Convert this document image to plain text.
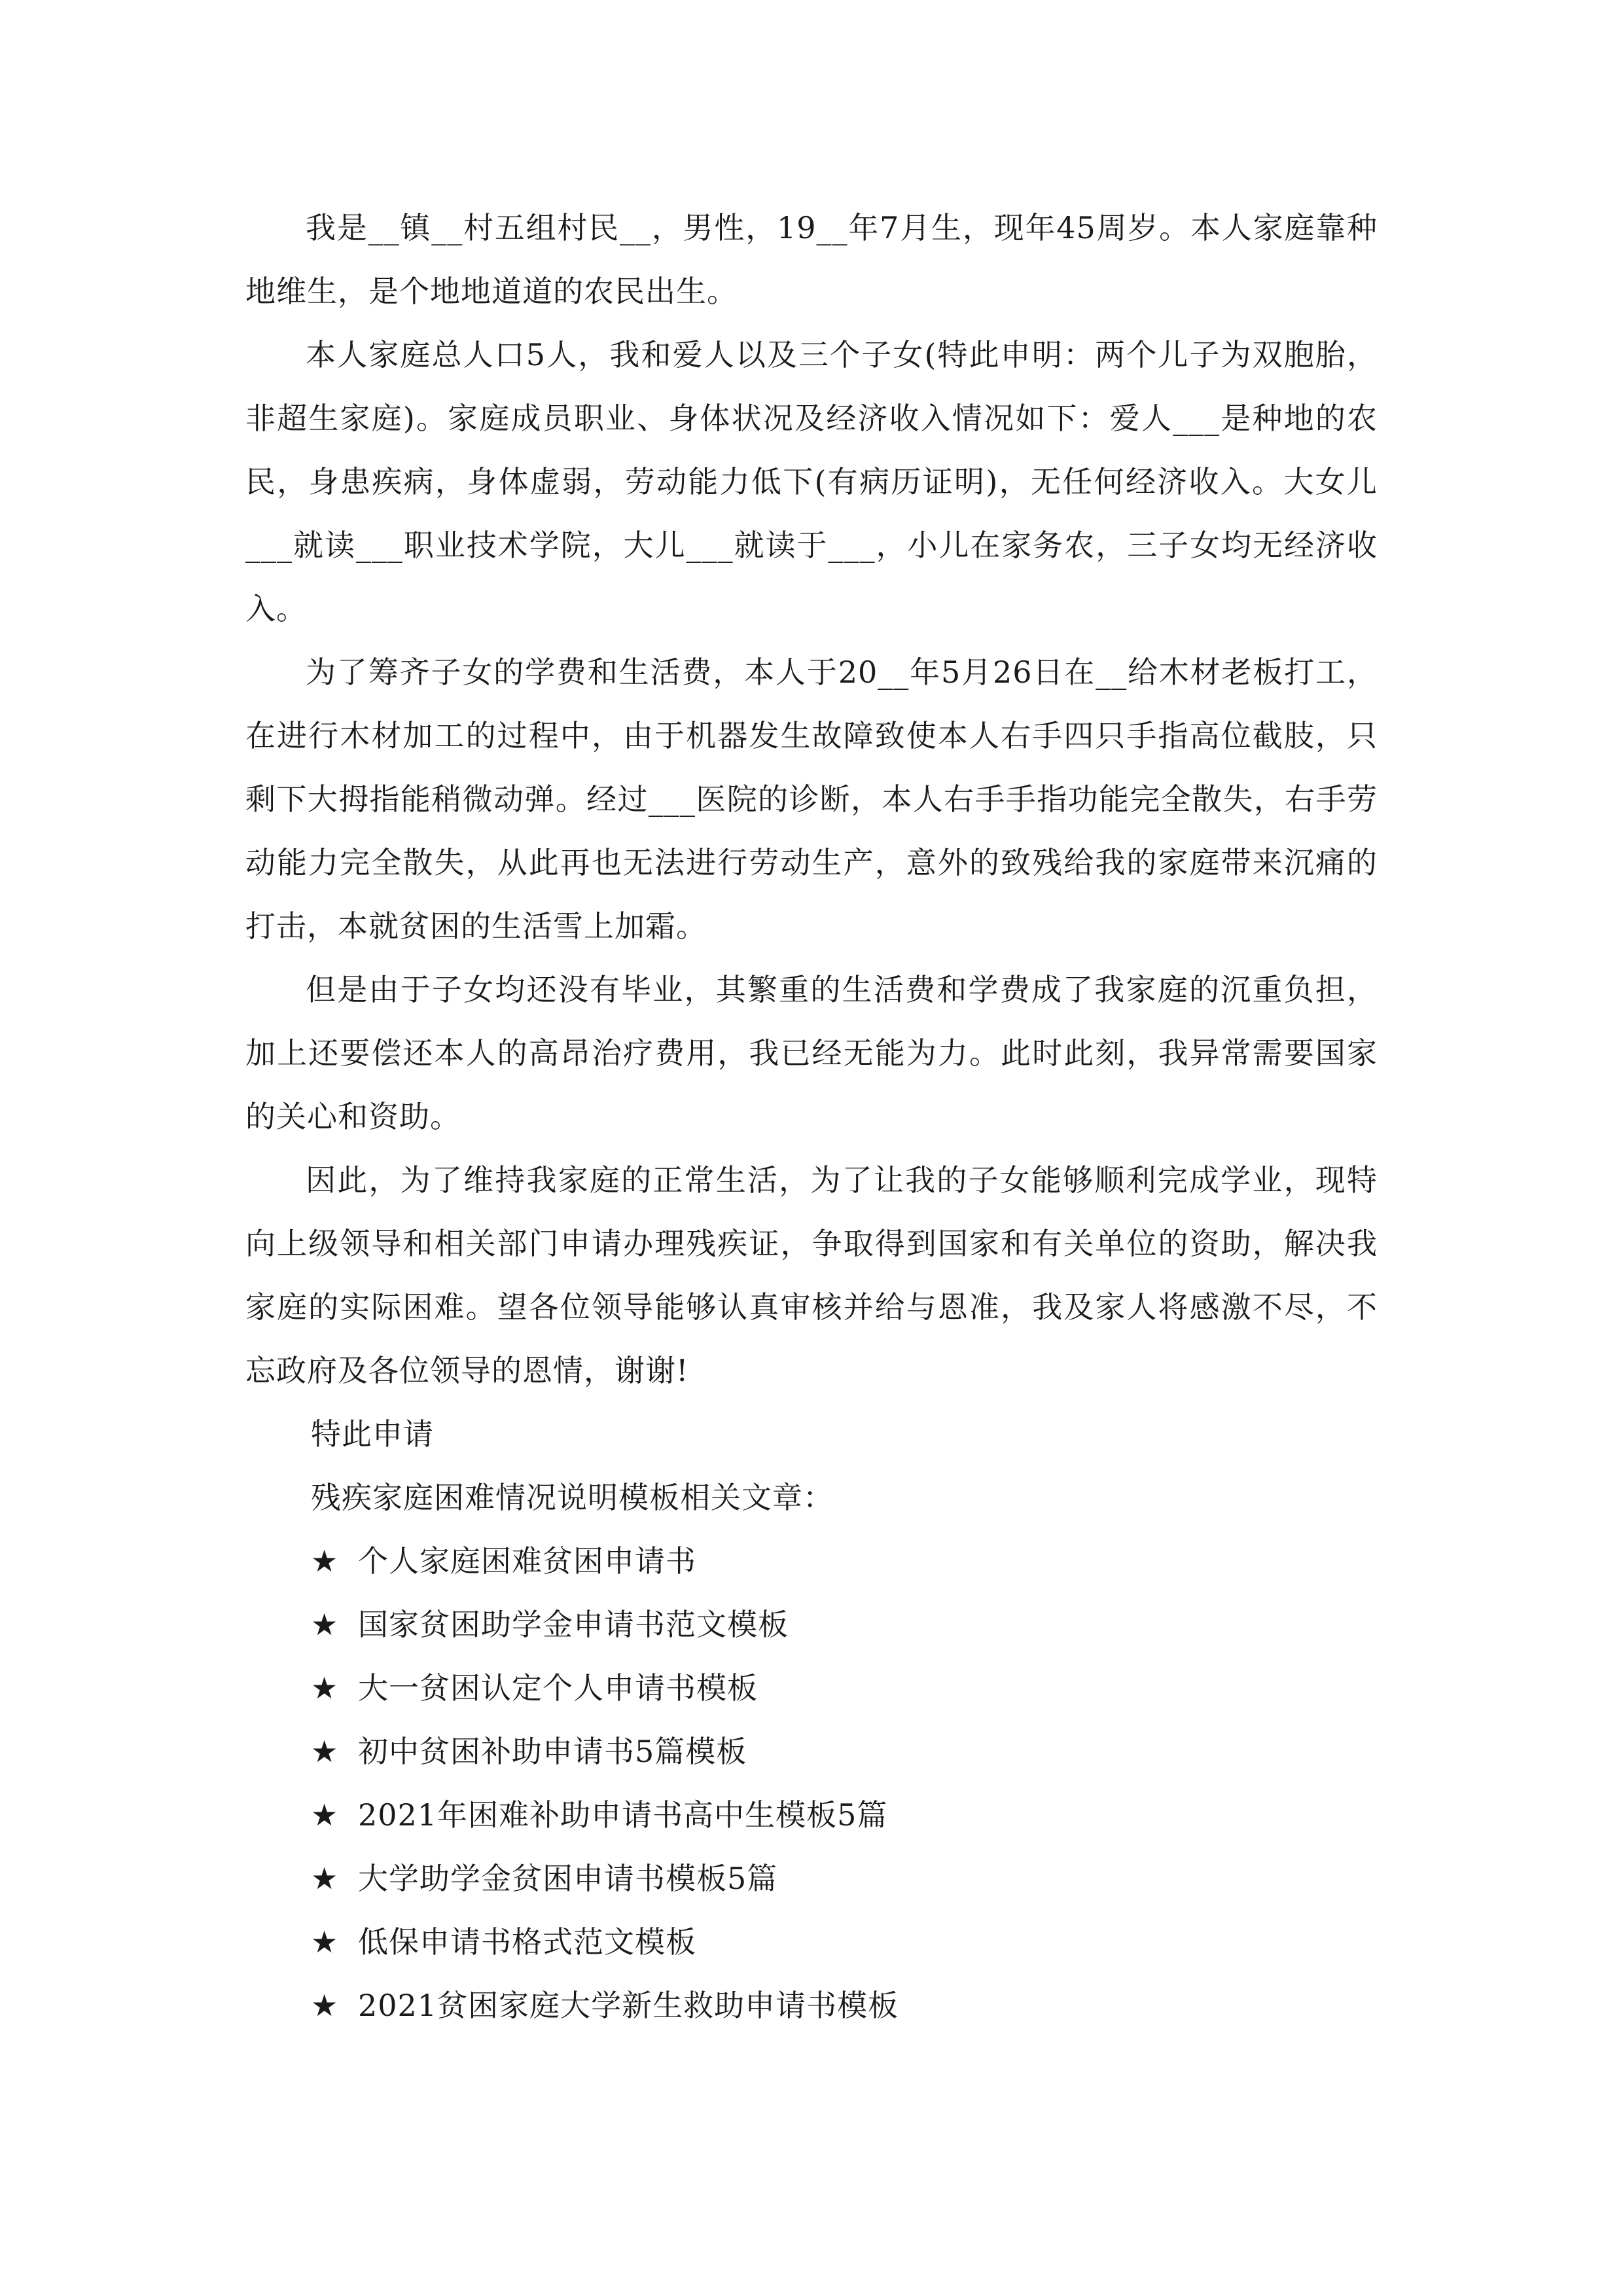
我是__镇__村五组村民__，男性，19__年7月生，现年45周岁。本人家庭靠种地维生，是个地地道道的农民出生。

本人家庭总人口5人，我和爱人以及三个子女(特此申明：两个儿子为双胞胎，非超生家庭)。家庭成员职业、身体状况及经济收入情况如下：爱人___是种地的农民，身患疾病，身体虚弱，劳动能力低下(有病历证明)，无任何经济收入。大女儿___就读___职业技术学院，大儿___就读于___，小儿在家务农，三子女均无经济收入。

为了筹齐子女的学费和生活费，本人于20__年5月26日在__给木材老板打工，在进行木材加工的过程中，由于机器发生故障致使本人右手四只手指高位截肢，只剩下大拇指能稍微动弹。经过___医院的诊断，本人右手手指功能完全散失，右手劳动能力完全散失，从此再也无法进行劳动生产，意外的致残给我的家庭带来沉痛的打击，本就贫困的生活雪上加霜。

但是由于子女均还没有毕业，其繁重的生活费和学费成了我家庭的沉重负担，加上还要偿还本人的高昂治疗费用，我已经无能为力。此时此刻，我异常需要国家的关心和资助。

因此，为了维持我家庭的正常生活，为了让我的子女能够顺利完成学业，现特向上级领导和相关部门申请办理残疾证，争取得到国家和有关单位的资助，解决我家庭的实际困难。望各位领导能够认真审核并给与恩准，我及家人将感激不尽，不忘政府及各位领导的恩情，谢谢!

特此申请

残疾家庭困难情况说明模板相关文章：

★ 个人家庭困难贫困申请书
★ 国家贫困助学金申请书范文模板
★ 大一贫困认定个人申请书模板
★ 初中贫困补助申请书5篇模板
★ 2021年困难补助申请书高中生模板5篇
★ 大学助学金贫困申请书模板5篇
★ 低保申请书格式范文模板
★ 2021贫困家庭大学新生救助申请书模板
